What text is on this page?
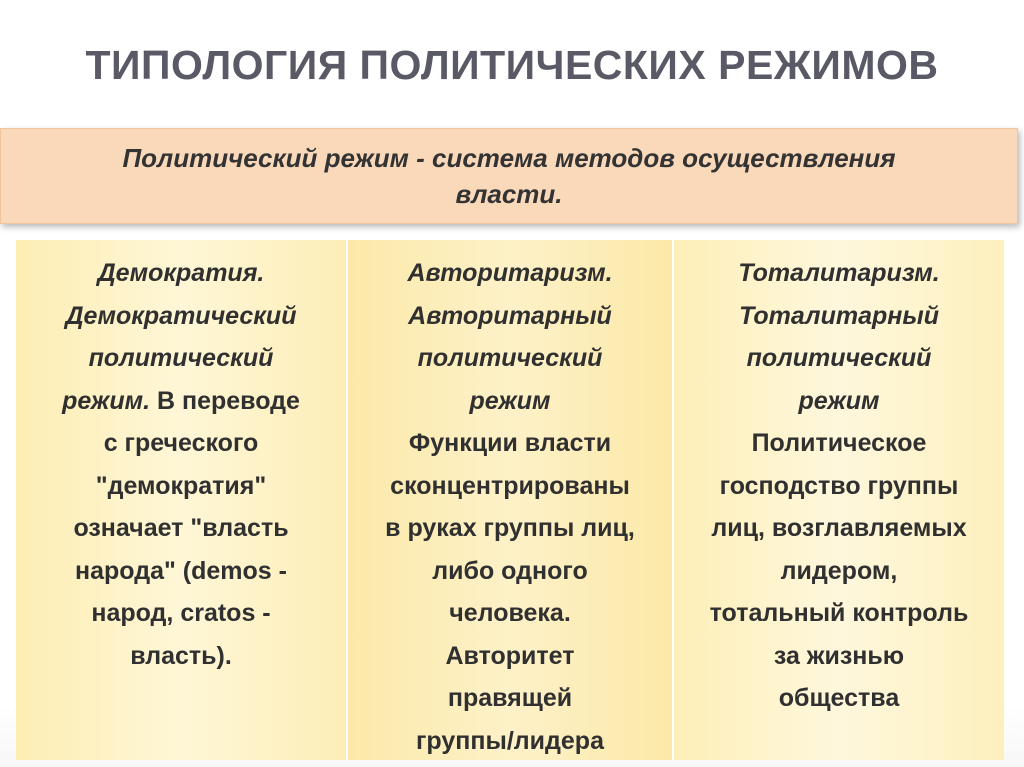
ТИПОЛОГИЯ ПОЛИТИЧЕСКИХ РЕЖИМОВ
Политический режим - система методов осуществления
власти.
Демократия.
Демократический
политический
режим. В переводе
с греческого
"демократия"
означает "власть
народа" (demos -
народ, cratos -
власть).
Авторитаризм.
Авторитарный
политический
режим
Функции власти
сконцентрированы
в руках группы лиц,
либо одного
человека.
Авторитет
правящей
группы/лидера
Тоталитаризм.
Тоталитарный
политический
режим
Политическое
господство группы
лиц, возглавляемых
лидером,
тотальный контроль
за жизнью
общества
